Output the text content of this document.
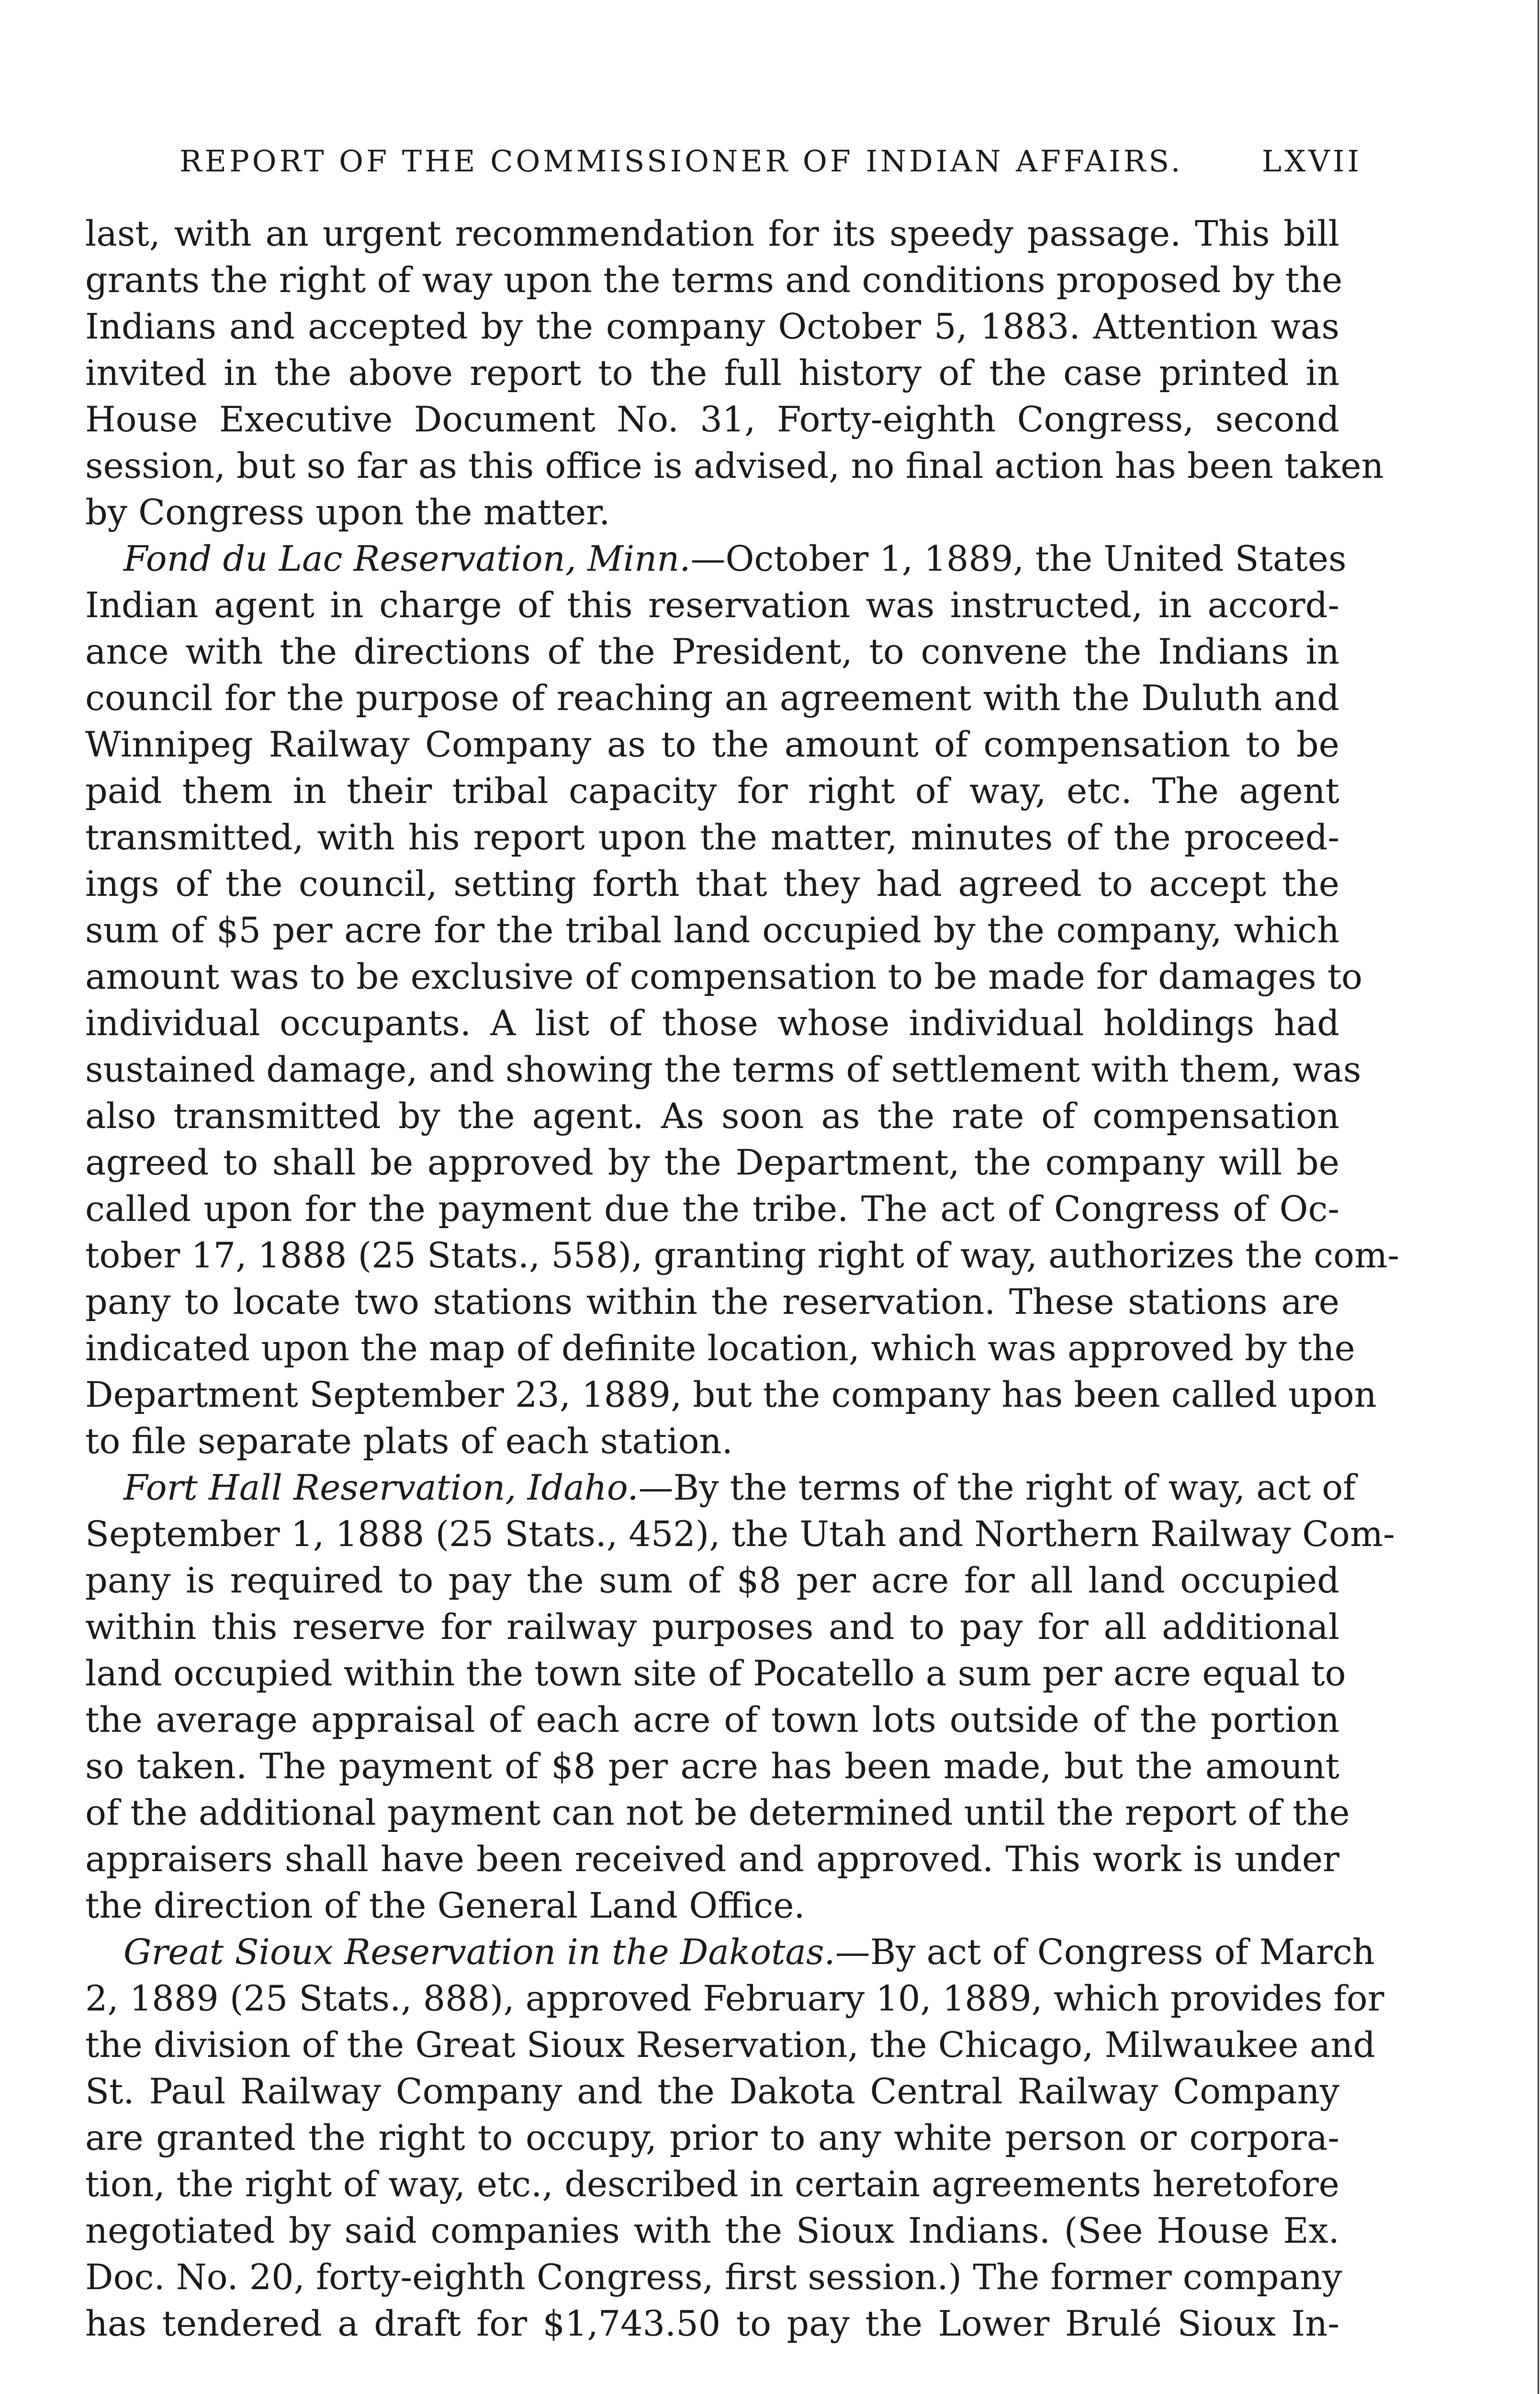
REPORT OF THE COMMISSIONER OF INDIAN AFFAIRS.	LXVII
last, with an urgent recommendation for its speedy passage. This bill
grants the right of way upon the terms and conditions proposed by the
Indians and accepted by the company October 5, 1883. Attention was
invited in the above report to the full history of the case printed in
House Executive Document No. 31, Forty-eighth Congress, second
session, but so far as this office is advised, no final action has been taken
by Congress upon the matter.
Fond du Lac Reservation, Minn.—October 1, 1889, the United States
Indian agent in charge of this reservation was instructed, in accord-
ance with the directions of the President, to convene the Indians in
council for the purpose of reaching an agreement with the Duluth and
Winnipeg Railway Company as to the amount of compensation to be
paid them in their tribal capacity for right of way, etc. The agent
transmitted, with his report upon the matter, minutes of the proceed-
ings of the council, setting forth that they had agreed to accept the
sum of $5 per acre for the tribal land occupied by the company, which
amount was to be exclusive of compensation to be made for damages to
individual occupants. A list of those whose individual holdings had
sustained damage, and showing the terms of settlement with them, was
also transmitted by the agent. As soon as the rate of compensation
agreed to shall be approved by the Department, the company will be
called upon for the payment due the tribe. The act of Congress of Oc-
tober 17, 1888 (25 Stats., 558), granting right of way, authorizes the com-
pany to locate two stations within the reservation. These stations are
indicated upon the map of definite location, which was approved by the
Department September 23, 1889, but the company has been called upon
to file separate plats of each station.
Fort Hall Reservation, Idaho.—By the terms of the right of way, act of
September 1, 1888 (25 Stats., 452), the Utah and Northern Railway Com-
pany is required to pay the sum of $8 per acre for all land occupied
within this reserve for railway purposes and to pay for all additional
land occupied within the town site of Pocatello a sum per acre equal to
the average appraisal of each acre of town lots outside of the portion
so taken. The payment of $8 per acre has been made, but the amount
of the additional payment can not be determined until the report of the
appraisers shall have been received and approved. This work is under
the direction of the General Land Office.
Great Sioux Reservation in the Dakotas.—By act of Congress of March
2, 1889 (25 Stats., 888), approved February 10, 1889, which provides for
the division of the Great Sioux Reservation, the Chicago, Milwaukee and
St. Paul Railway Company and the Dakota Central Railway Company
are granted the right to occupy, prior to any white person or corpora-
tion, the right of way, etc., described in certain agreements heretofore
negotiated by said companies with the Sioux Indians. (See House Ex.
Doc. No. 20, forty-eighth Congress, first session.) The former company
has tendered a draft for $1,743.50 to pay the Lower Brulé Sioux In-
